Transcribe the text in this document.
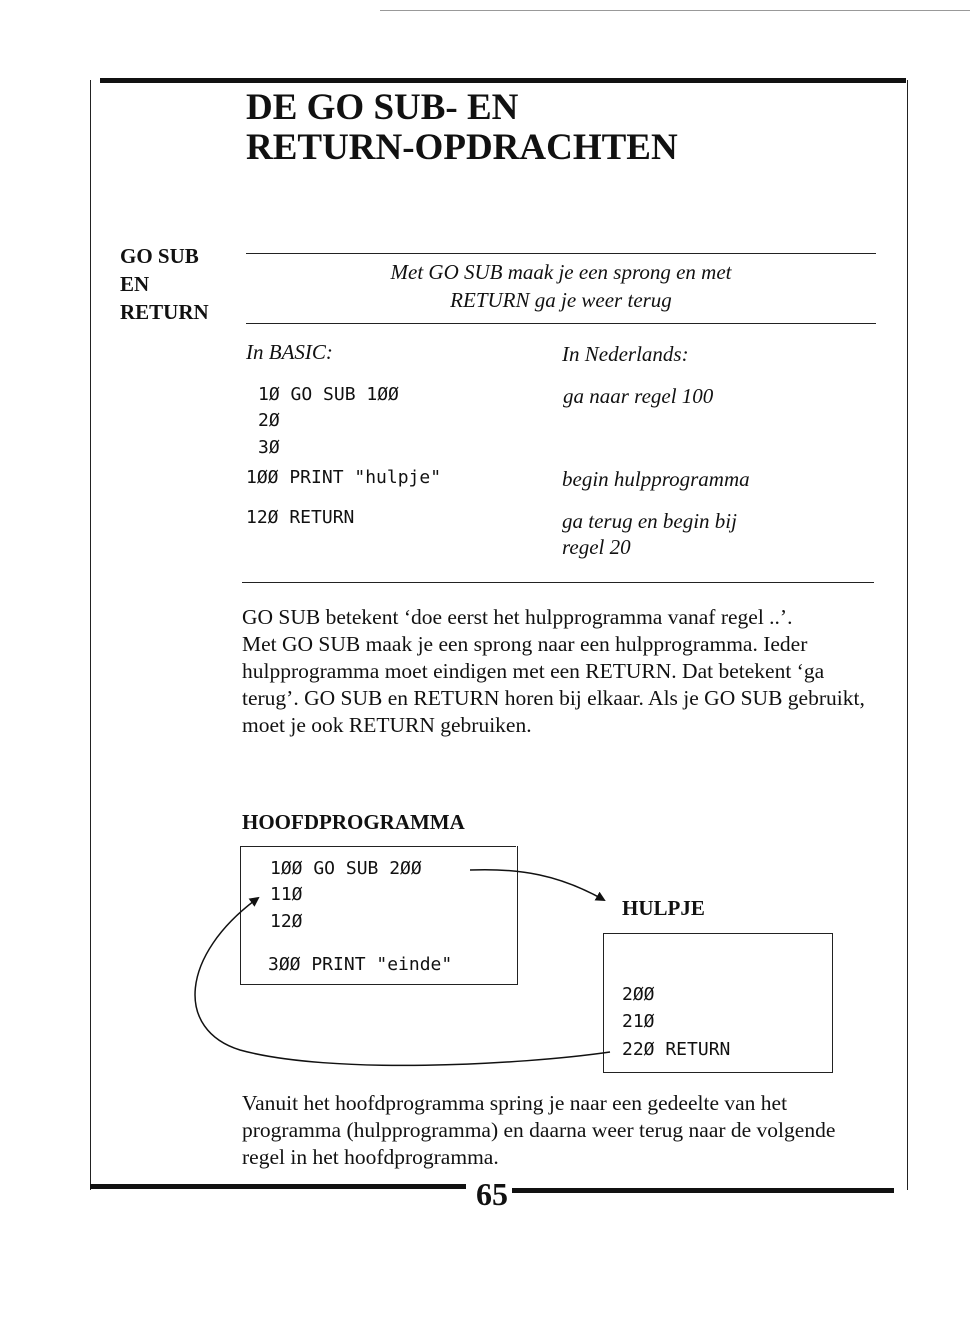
DE GO SUB- EN
RETURN-OPDRACHTEN
GO SUB
EN
RETURN
Met GO SUB maak je een sprong en met
RETURN ga je weer terug
In BASIC:	In Nederlands:
1Ø GO SUB 1ØØ
2Ø
3Ø
1ØØ PRINT "hulpje"
12Ø RETURN
ga naar regel 100
begin hulpprogramma
ga terug en begin bij
regel 20

GO SUB betekent ‘doe eerst het hulpprogramma vanaf regel ..’.

Met GO SUB maak je een sprong naar een hulpprogramma. Ieder hulpprogramma moet eindigen met een RETURN. Dat betekent ‘ga terug’. GO SUB en RETURN horen bij elkaar. Als je GO SUB gebruikt, moet je ook RETURN gebruiken.

HOOFDPROGRAMMA
1ØØ GO SUB 2ØØ
11Ø
12Ø
3ØØ PRINT "einde"
HULPJE
2ØØ
21Ø
22Ø RETURN

Vanuit het hoofdprogramma spring je naar een gedeelte van het programma (hulpprogramma) en daarna weer terug naar de volgende regel in het hoofdprogramma.

65
